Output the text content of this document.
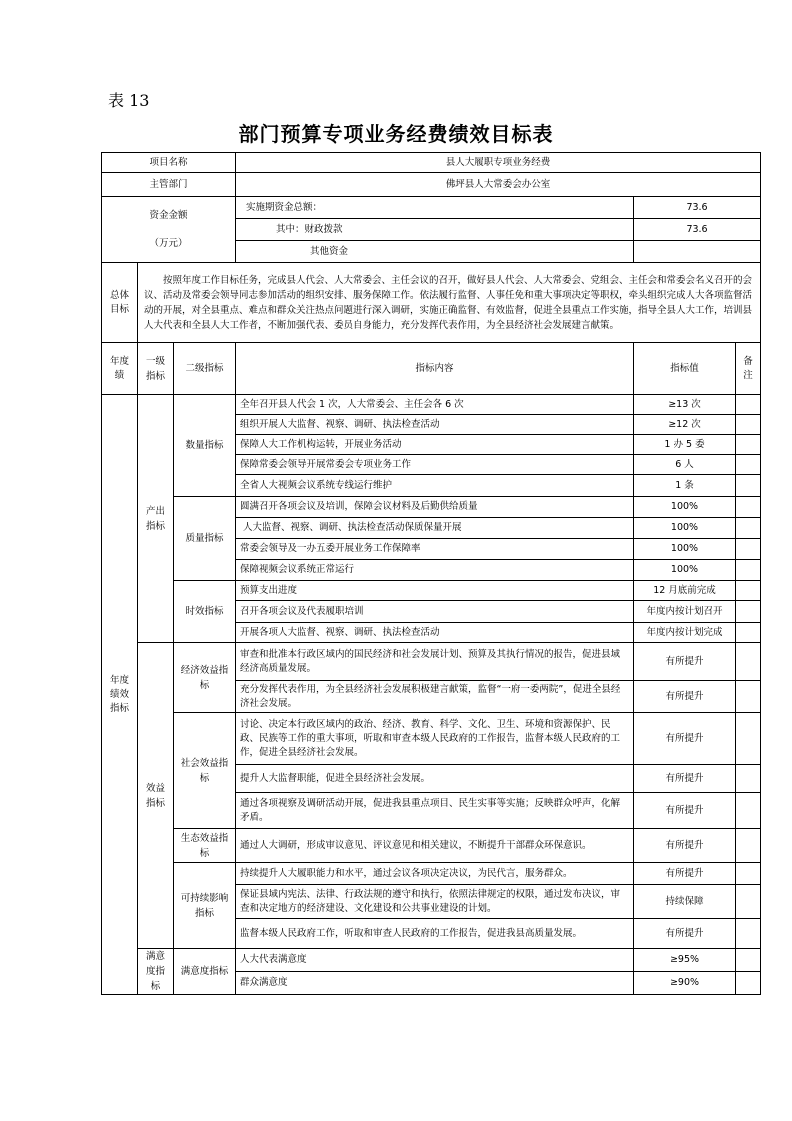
表 13
部门预算专项业务经费绩效目标表
项目名称			县人大履职专项业务经费		
主管部门			佛坪县人大常委会办公室		

资金金额
（万元）			实施期资金总额：	73.6	
			其中：财政拨款	73.6	
			其他资金		
总体目标	按照年度工作目标任务，完成县人代会、人大常委会、主任会议的召开，做好县人代会、人大常委会、党组会、主任会和常委会名义召开的会议、活动及常委会领导同志参加活动的组织安排、服务保障工作。依法履行监督、人事任免和重大事项决定等职权，牵头组织完成人大各项监督活动的开展，对全县重点、难点和群众关注热点问题进行深入调研，实施正确监督、有效监督，促进全县重点工作实施，指导全县人大工作，培训县人大代表和全县人大工作者，不断加强代表、委员自身能力，充分发挥代表作用，为全县经济社会发展建言献策。				
年度绩	一级指标	二级指标	指标内容	指标值	备注
年度绩效指标	产出指标	数量指标	全年召开县人代会 1 次，人大常委会、主任会各 6 次	≥13 次	
			组织开展人大监督、视察、调研、执法检查活动	≥12 次	
			保障人大工作机构运转，开展业务活动	1 办 5 委	
			保障常委会领导开展常委会专项业务工作	6 人	
			全省人大视频会议系统专线运行维护	1 条	
		质量指标	圆满召开各项会议及培训，保障会议材料及后勤供给质量	100%	
			人大监督、视察、调研、执法检查活动保质保量开展	100%	
			常委会领导及一办五委开展业务工作保障率	100%	
			保障视频会议系统正常运行	100%	
		时效指标	预算支出进度	12 月底前完成	
			召开各项会议及代表履职培训	年度内按计划召开	
			开展各项人大监督、视察、调研、执法检查活动	年度内按计划完成	
	效益指标	经济效益指标	审查和批准本行政区域内的国民经济和社会发展计划、预算及其执行情况的报告，促进县域经济高质量发展。	有所提升	
			充分发挥代表作用，为全县经济社会发展积极建言献策，监督“一府一委两院”，促进全县经济社会发展。	有所提升	
		社会效益指标	讨论、决定本行政区域内的政治、经济、教育、科学、文化、卫生、环境和资源保护、民政、民族等工作的重大事项，听取和审查本级人民政府的工作报告，监督本级人民政府的工作，促进全县经济社会发展。	有所提升	
			提升人大监督职能，促进全县经济社会发展。	有所提升	
			通过各项视察及调研活动开展，促进我县重点项目、民生实事等实施；反映群众呼声，化解矛盾。	有所提升	
		生态效益指标	通过人大调研，形成审议意见、评议意见和相关建议，不断提升干部群众环保意识。	有所提升	
		可持续影响指标	持续提升人大履职能力和水平，通过会议各项决定决议，为民代言，服务群众。	有所提升	
			保证县域内宪法、法律、行政法规的遵守和执行，依照法律规定的权限，通过发布决议，审查和决定地方的经济建设、文化建设和公共事业建设的计划。	持续保障	
			监督本级人民政府工作，听取和审查人民政府的工作报告，促进我县高质量发展。	有所提升	
	满意度指标	满意度指标	人大代表满意度	≥95%	
			群众满意度	≥90%	
